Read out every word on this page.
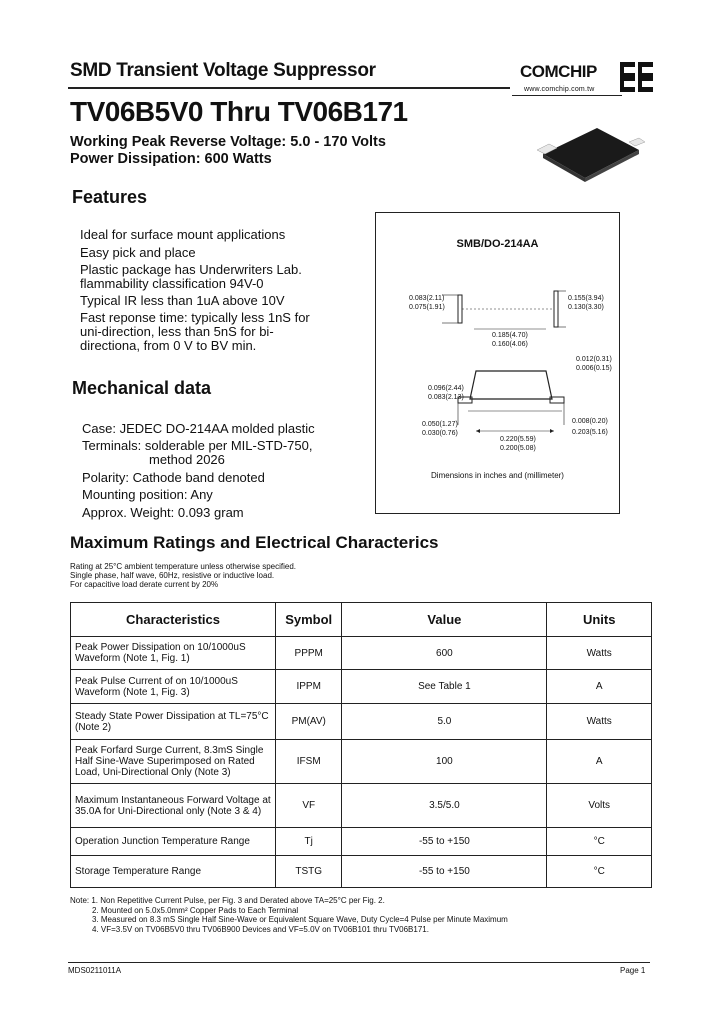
SMD Transient Voltage Suppressor	COMCHIP
www.comchip.com.tw
TV06B5V0 Thru TV06B171
Working Peak Reverse Voltage: 5.0 - 170 Volts
Power Dissipation: 600 Watts
Features
Ideal for surface mount applications
Easy pick and place
Plastic package has Underwriters Lab. flammability classification 94V-0
Typical IR less than 1uA above 10V
Fast reponse time: typically less 1nS for uni-direction, less than 5nS for bi-directiona, from 0 V to BV min.
Mechanical data
Case: JEDEC DO-214AA molded plastic
Terminals: solderable per MIL-STD-750,
method 2026
Polarity: Cathode band denoted
Mounting position: Any
Approx. Weight: 0.093 gram
SMB/DO-214AA
0.083(2.11)
0.075(1.91)
0.155(3.94)
0.130(3.30)
0.185(4.70)
0.160(4.06)
0.012(0.31)
0.006(0.15)
0.096(2.44)
0.083(2.13)
0.050(1.27)
0.030(0.76)
0.008(0.20)
0.203(5.16)
0.220(5.59)
0.200(5.08)
Dimensions in inches and (millimeter)
Maximum Ratings and Electrical Characterics
Rating at 25°C ambient temperature unless otherwise specified.
Single phase, half wave, 60Hz, resistive or inductive load.
For capacitive load derate current by 20%
Characteristics	Symbol	Value	Units
Peak Power Dissipation on 10/1000uS Waveform (Note 1, Fig. 1)	PPPM	600	Watts
Peak Pulse Current of on 10/1000uS Waveform (Note 1, Fig. 3)	IPPM	See Table 1	A
Steady State Power Dissipation at TL=75°C (Note 2)	PM(AV)	5.0	Watts
Peak Forfard Surge Current, 8.3mS Single Half Sine-Wave Superimposed on Rated Load, Uni-Directional Only (Note 3)	IFSM	100	A
Maximum Instantaneous Forward Voltage at 35.0A for Uni-Directional only (Note 3 & 4)	VF	3.5/5.0	Volts
Operation Junction Temperature Range	Tj	-55 to +150	°C
Storage Temperature Range	TSTG	-55 to +150	°C
Note: 1. Non Repetitive Current Pulse, per Fig. 3 and Derated above TA=25°C per Fig. 2.
2. Mounted on 5.0x5.0mm² Copper Pads to Each Terminal
3. Measured on 8.3 mS Single Half Sine-Wave or Equivalent Square Wave, Duty Cycle=4 Pulse per Minute Maximum
4. VF=3.5V on TV06B5V0 thru TV06B900 Devices and VF=5.0V on TV06B101 thru TV06B171.
MDS0211011A	Page 1
